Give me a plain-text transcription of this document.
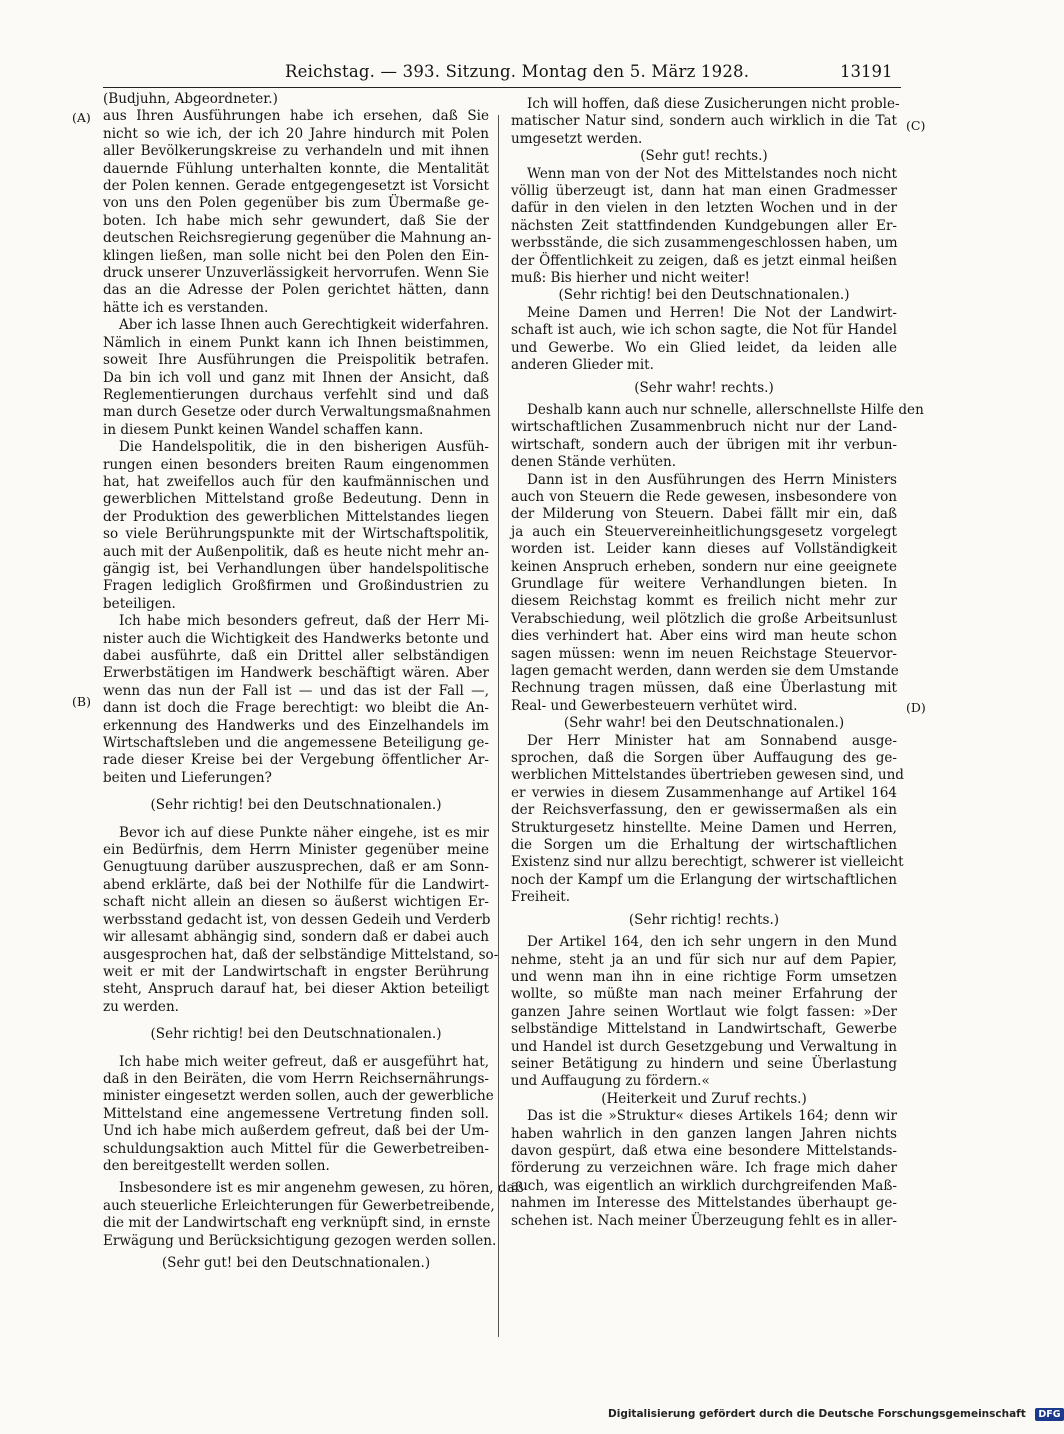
Reichstag. — 393. Sitzung. Montag den 5. März 1928.	13191
(A)
(B)
(C)
(D)
(Budjuhn, Abgeordneter.)
aus Ihren Ausführungen habe ich ersehen, daß Sie
nicht so wie ich, der ich 20 Jahre hindurch mit Polen
aller Bevölkerungskreise zu verhandeln und mit ihnen
dauernde Fühlung unterhalten konnte, die Mentalität
der Polen kennen. Gerade entgegengesetzt ist Vorsicht
von uns den Polen gegenüber bis zum Übermaße ge-
boten. Ich habe mich sehr gewundert, daß Sie der
deutschen Reichsregierung gegenüber die Mahnung an-
klingen ließen, man solle nicht bei den Polen den Ein-
druck unserer Unzuverlässigkeit hervorrufen. Wenn Sie
das an die Adresse der Polen gerichtet hätten, dann
hätte ich es verstanden.
Aber ich lasse Ihnen auch Gerechtigkeit widerfahren.
Nämlich in einem Punkt kann ich Ihnen beistimmen,
soweit Ihre Ausführungen die Preispolitik betrafen.
Da bin ich voll und ganz mit Ihnen der Ansicht, daß
Reglementierungen durchaus verfehlt sind und daß
man durch Gesetze oder durch Verwaltungsmaßnahmen
in diesem Punkt keinen Wandel schaffen kann.
Die Handelspolitik, die in den bisherigen Ausfüh-
rungen einen besonders breiten Raum eingenommen
hat, hat zweifellos auch für den kaufmännischen und
gewerblichen Mittelstand große Bedeutung. Denn in
der Produktion des gewerblichen Mittelstandes liegen
so viele Berührungspunkte mit der Wirtschaftspolitik,
auch mit der Außenpolitik, daß es heute nicht mehr an-
gängig ist, bei Verhandlungen über handelspolitische
Fragen lediglich Großfirmen und Großindustrien zu
beteiligen.
Ich habe mich besonders gefreut, daß der Herr Mi-
nister auch die Wichtigkeit des Handwerks betonte und
dabei ausführte, daß ein Drittel aller selbständigen
Erwerbstätigen im Handwerk beschäftigt wären. Aber
wenn das nun der Fall ist — und das ist der Fall —,
dann ist doch die Frage berechtigt: wo bleibt die An-
erkennung des Handwerks und des Einzelhandels im
Wirtschaftsleben und die angemessene Beteiligung ge-
rade dieser Kreise bei der Vergebung öffentlicher Ar-
beiten und Lieferungen?
(Sehr richtig! bei den Deutschnationalen.)
Bevor ich auf diese Punkte näher eingehe, ist es mir
ein Bedürfnis, dem Herrn Minister gegenüber meine
Genugtuung darüber auszusprechen, daß er am Sonn-
abend erklärte, daß bei der Nothilfe für die Landwirt-
schaft nicht allein an diesen so äußerst wichtigen Er-
werbsstand gedacht ist, von dessen Gedeih und Verderb
wir allesamt abhängig sind, sondern daß er dabei auch
ausgesprochen hat, daß der selbständige Mittelstand, so-
weit er mit der Landwirtschaft in engster Berührung
steht, Anspruch darauf hat, bei dieser Aktion beteiligt
zu werden.
(Sehr richtig! bei den Deutschnationalen.)
Ich habe mich weiter gefreut, daß er ausgeführt hat,
daß in den Beiräten, die vom Herrn Reichsernährungs-
minister eingesetzt werden sollen, auch der gewerbliche
Mittelstand eine angemessene Vertretung finden soll.
Und ich habe mich außerdem gefreut, daß bei der Um-
schuldungsaktion auch Mittel für die Gewerbetreiben-
den bereitgestellt werden sollen.
Insbesondere ist es mir angenehm gewesen, zu hören, daß
auch steuerliche Erleichterungen für Gewerbetreibende,
die mit der Landwirtschaft eng verknüpft sind, in ernste
Erwägung und Berücksichtigung gezogen werden sollen.
(Sehr gut! bei den Deutschnationalen.)
Ich will hoffen, daß diese Zusicherungen nicht proble-
matischer Natur sind, sondern auch wirklich in die Tat
umgesetzt werden.
(Sehr gut! rechts.)
Wenn man von der Not des Mittelstandes noch nicht
völlig überzeugt ist, dann hat man einen Gradmesser
dafür in den vielen in den letzten Wochen und in der
nächsten Zeit stattfindenden Kundgebungen aller Er-
werbsstände, die sich zusammengeschlossen haben, um
der Öffentlichkeit zu zeigen, daß es jetzt einmal heißen
muß: Bis hierher und nicht weiter!
(Sehr richtig! bei den Deutschnationalen.)
Meine Damen und Herren! Die Not der Landwirt-
schaft ist auch, wie ich schon sagte, die Not für Handel
und Gewerbe. Wo ein Glied leidet, da leiden alle
anderen Glieder mit.
(Sehr wahr! rechts.)
Deshalb kann auch nur schnelle, allerschnellste Hilfe den
wirtschaftlichen Zusammenbruch nicht nur der Land-
wirtschaft, sondern auch der übrigen mit ihr verbun-
denen Stände verhüten.
Dann ist in den Ausführungen des Herrn Ministers
auch von Steuern die Rede gewesen, insbesondere von
der Milderung von Steuern. Dabei fällt mir ein, daß
ja auch ein Steuervereinheitlichungsgesetz vorgelegt
worden ist. Leider kann dieses auf Vollständigkeit
keinen Anspruch erheben, sondern nur eine geeignete
Grundlage für weitere Verhandlungen bieten. In
diesem Reichstag kommt es freilich nicht mehr zur
Verabschiedung, weil plötzlich die große Arbeitsunlust
dies verhindert hat. Aber eins wird man heute schon
sagen müssen: wenn im neuen Reichstage Steuervor-
lagen gemacht werden, dann werden sie dem Umstande
Rechnung tragen müssen, daß eine Überlastung mit
Real- und Gewerbesteuern verhütet wird.
(Sehr wahr! bei den Deutschnationalen.)
Der Herr Minister hat am Sonnabend ausge-
sprochen, daß die Sorgen über Auffaugung des ge-
werblichen Mittelstandes übertrieben gewesen sind, und
er verwies in diesem Zusammenhange auf Artikel 164
der Reichsverfassung, den er gewissermaßen als ein
Strukturgesetz hinstellte. Meine Damen und Herren,
die Sorgen um die Erhaltung der wirtschaftlichen
Existenz sind nur allzu berechtigt, schwerer ist vielleicht
noch der Kampf um die Erlangung der wirtschaftlichen
Freiheit.
(Sehr richtig! rechts.)
Der Artikel 164, den ich sehr ungern in den Mund
nehme, steht ja an und für sich nur auf dem Papier,
und wenn man ihn in eine richtige Form umsetzen
wollte, so müßte man nach meiner Erfahrung der
ganzen Jahre seinen Wortlaut wie folgt fassen: »Der
selbständige Mittelstand in Landwirtschaft, Gewerbe
und Handel ist durch Gesetzgebung und Verwaltung in
seiner Betätigung zu hindern und seine Überlastung
und Auffaugung zu fördern.«
(Heiterkeit und Zuruf rechts.)
Das ist die »Struktur« dieses Artikels 164; denn wir
haben wahrlich in den ganzen langen Jahren nichts
davon gespürt, daß etwa eine besondere Mittelstands-
förderung zu verzeichnen wäre. Ich frage mich daher
auch, was eigentlich an wirklich durchgreifenden Maß-
nahmen im Interesse des Mittelstandes überhaupt ge-
schehen ist. Nach meiner Überzeugung fehlt es in aller-
Digitalisierung gefördert durch die Deutsche Forschungsgemeinschaft DFG
